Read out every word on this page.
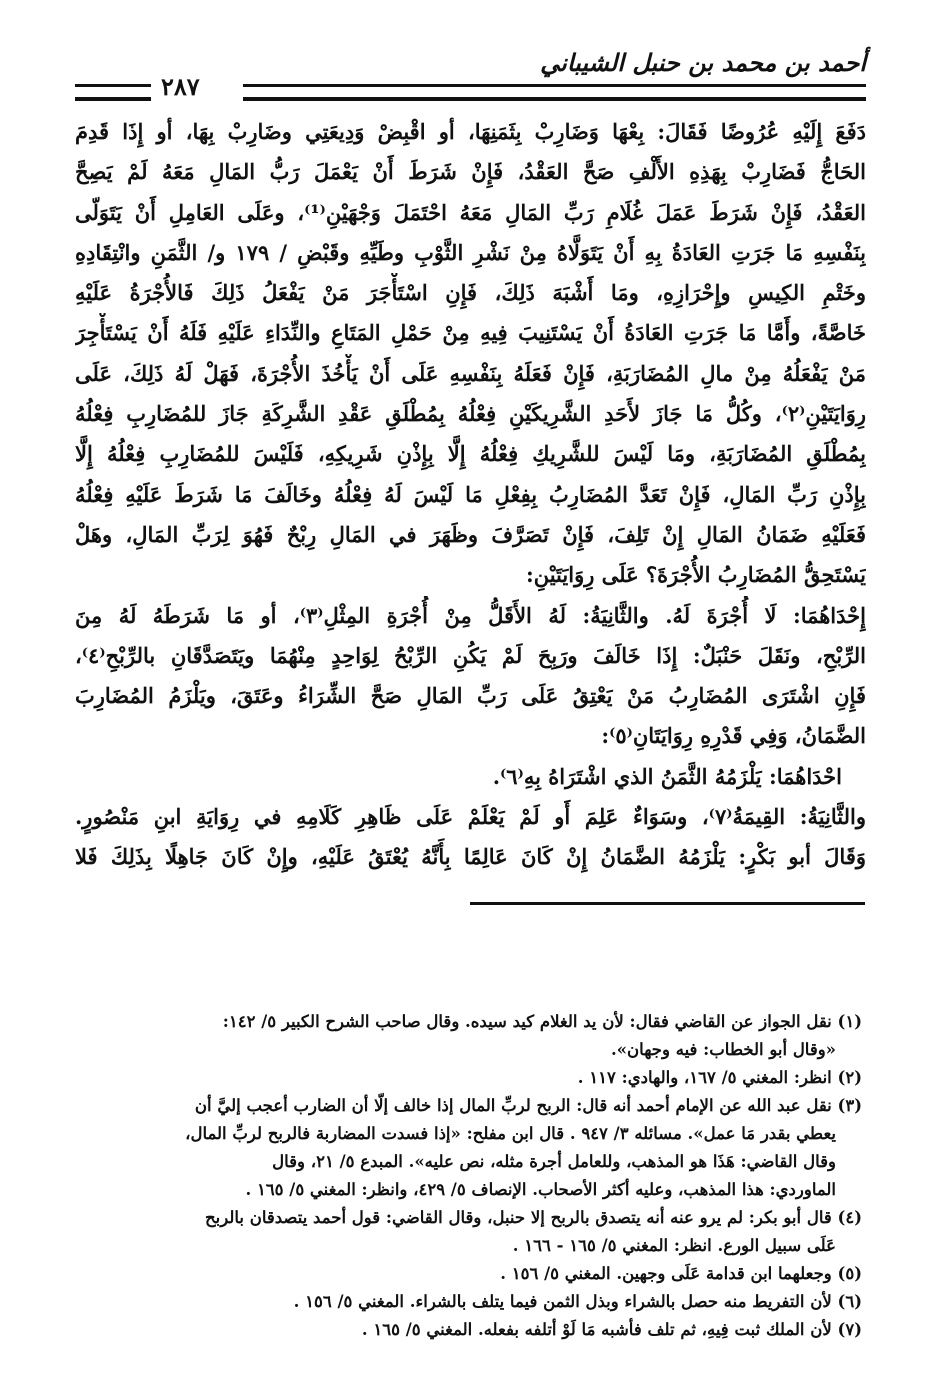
أحمد بن محمد بن حنبل الشيباني
٢٨٧
دَفَعَ إِلَيْهِ عُرُوضًا فَقَالَ: بِعْهَا وَضَارِبْ بِثَمَنِهَا، أو اقْبِضْ وَدِيعَتِي وضَارِبْ بِهَا، أو إِذَا قَدِمَ
الحَاجُّ فَضَارِبْ بِهَذِهِ الأَلْفِ صَحَّ العَقْدُ، فَإِنْ شَرَطَ أَنْ يَعْمَلَ رَبُّ المَالِ مَعَهُ لَمْ يَصِحَّ
العَقْدُ، فَإِنْ شَرَطَ عَمَلَ غُلَامِ رَبِّ المَالِ مَعَهُ احْتَمَلَ وَجْهَيْنِ⁽¹⁾، وعَلَى العَامِلِ أَنْ يَتَوَلّى
بِنَفْسِهِ مَا جَرَتِ العَادَةُ بِهِ أَنْ يَتَوَلَّاهُ مِنْ نَشْرِ الثَّوْبِ وطَيِّهِ وقَبْضِ / ١٧٩ و/ الثَّمَنِ وانْتِقَادِهِ
وخَتْمِ الكِيسِ وإِحْرَازِهِ، ومَا أَشْبَهَ ذَلِكَ، فَإِنِ اسْتَأْجَرَ مَنْ يَفْعَلُ ذَلِكَ فَالأُجْرَةُ عَلَيْهِ
خَاصَّةً، وأَمَّا مَا جَرَتِ العَادَةُ أَنْ يَسْتَنِيبَ فِيهِ مِنْ حَمْلِ المَتَاعِ والنِّدَاءِ عَلَيْهِ فَلَهُ أَنْ يَسْتَأْجِرَ
مَنْ يَفْعَلُهُ مِنْ مالِ المُضَارَبَةِ، فَإِنْ فَعَلَهُ بِنَفْسِهِ عَلَى أَنْ يَأْخُذَ الأُجْرَةَ، فَهَلْ لَهُ ذَلِكَ، عَلَى
رِوَايَتَيْنِ⁽٢⁾، وكُلُّ مَا جَازَ لأَحَدِ الشَّرِيكَيْنِ فِعْلُهُ بِمُطْلَقِ عَقْدِ الشَّرِكَةِ جَازَ للمُضَارِبِ فِعْلُهُ
بِمُطْلَقِ المُضَارَبَةِ، ومَا لَيْسَ للشَّرِيكِ فِعْلُهُ إِلَّا بِإِذْنِ شَرِيكِهِ، فَلَيْسَ للمُضَارِبِ فِعْلُهُ إِلَّا
بِإِذْنِ رَبِّ المَالِ، فَإِنْ تَعَدَّ المُضَارِبُ بِفِعْلِ مَا لَيْسَ لَهُ فِعْلُهُ وخَالَفَ مَا شَرَطَ عَلَيْهِ فِعْلُهُ
فَعَلَيْهِ ضَمَانُ المَالِ إِنْ تَلِفَ، فَإِنْ تَصَرَّفَ وظَهَرَ في المَالِ رِبْحٌ فَهُوَ لِرَبِّ المَالِ، وهَلْ
يَسْتَحِقُّ المُضَارِبُ الأُجْرَةَ؟ عَلَى رِوَايَتَيْنِ:
إِحْدَاهُمَا: لَا أُجْرَةَ لَهُ. والثَّانِيَةُ: لَهُ الأَقَلُّ مِنْ أُجْرَةِ المِثْلِ⁽٣⁾، أو مَا شَرَطَهُ لَهُ مِنَ
الرِّبْحِ، ونَقَلَ حَنْبَلٌ: إِذَا خَالَفَ ورَبِحَ لَمْ يَكُنِ الرِّبْحُ لِوَاحِدٍ مِنْهُمَا ويَتَصَدَّقَانِ بالرِّبْحِ⁽٤⁾،
فَإِنِ اشْتَرَى المُضَارِبُ مَنْ يَعْتِقُ عَلَى رَبِّ المَالِ صَحَّ الشِّرَاءُ وعَتَقَ، ويَلْزَمُ المُضَارِبَ
الضَّمَانُ، وَفِي قَدْرِهِ رِوَايَتَانِ⁽٥⁾:
احْدَاهُمَا: يَلْزَمُهُ الثَّمَنُ الذي اشْتَرَاهُ بِهِ⁽٦⁾.
والثَّانِيَةُ: القِيمَةُ⁽٧⁾، وسَوَاءٌ عَلِمَ أَو لَمْ يَعْلَمْ عَلَى ظَاهِرِ كَلَامِهِ في رِوَايَةِ ابنِ مَنْصُورٍ.
وَقَالَ أبو بَكْرٍ: يَلْزَمُهُ الضَّمَانُ إِنْ كَانَ عَالِمًا بِأَنَّهُ يُعْتَقُ عَلَيْهِ، وإِنْ كَانَ جَاهِلًا بِذَلِكَ فَلا
(١) نقل الجواز عن القاضي فقال: لأن يد الغلام كيد سيده. وقال صاحب الشرح الكبير ٥/ ١٤٢:
«وقال أبو الخطاب: فيه وجهان».
(٢) انظر: المغني ٥/ ١٦٧، والهادي: ١١٧ .
(٣) نقل عبد الله عن الإمام أحمد أنه قال: الربح لربِّ المال إذا خالف إلّا أن الضارب أعجب إليَّ أن
يعطي بقدر مَا عمل». مسائله ٣/ ٩٤٧ . قال ابن مفلح: «إذا فسدت المضاربة فالربح لربِّ المال،
وقال القاضي: هَذَا هو المذهب، وللعامل أجرة مثله، نص عليه». المبدع ٥/ ٢١، وقال
الماوردي: هذا المذهب، وعليه أكثر الأصحاب. الإنصاف ٥/ ٤٢٩، وانظر: المغني ٥/ ١٦٥ .
(٤) قال أبو بكر: لم يرو عنه أنه يتصدق بالربح إلا حنبل، وقال القاضي: قول أحمد يتصدقان بالربح
عَلَى سبيل الورع. انظر: المغني ٥/ ١٦٥ - ١٦٦ .
(٥) وجعلهما ابن قدامة عَلَى وجهين. المغني ٥/ ١٥٦ .
(٦) لأن التفريط منه حصل بالشراء وبذل الثمن فيما يتلف بالشراء. المغني ٥/ ١٥٦ .
(٧) لأن الملك ثبت فِيهِ، ثم تلف فأشبه مَا لَوْ أتلفه بفعله. المغني ٥/ ١٦٥ .
